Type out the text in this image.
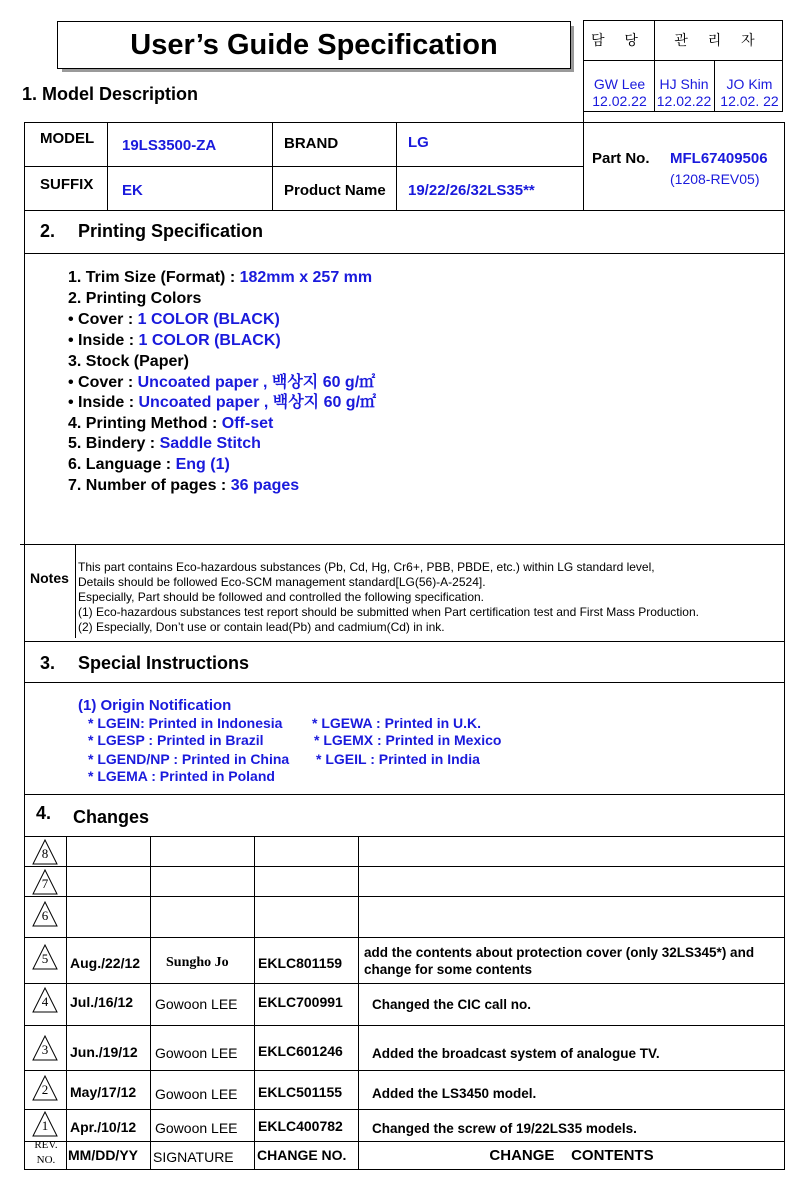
User’s Guide Specification	담 당	관 리 자
GW Lee
12.02.22
HJ Shin
12.02.22
JO Kim
12.02. 22
1. Model Description
MODEL 19LS3500-ZA	BRAND	LG
SUFFIX EK	Product Name 19/22/26/32LS35**
Part No. MFL67409506
(1208-REV05)
2. Printing Specification
1. Trim Size (Format) : 182mm x 257 mm
2. Printing Colors
• Cover : 1 COLOR (BLACK)
• Inside : 1 COLOR (BLACK)
3. Stock (Paper)
• Cover : Uncoated paper , 백상지 60 g/㎡
• Inside : Uncoated paper , 백상지 60 g/㎡
4. Printing Method : Off-set
5. Bindery : Saddle Stitch
6. Language : Eng (1)
7. Number of pages : 36 pages
Notes
This part contains Eco-hazardous substances (Pb, Cd, Hg, Cr6+, PBB, PBDE, etc.) within LG standard level,
Details should be followed Eco-SCM management standard[LG(56)-A-2524].
Especially, Part should be followed and controlled the following specification.
(1) Eco-hazardous substances test report should be submitted when Part certification test and First Mass Production.
(2) Especially, Don’t use or contain lead(Pb) and cadmium(Cd) in ink.
3. Special Instructions
(1) Origin Notification
* LGEIN: Printed in Indonesia
* LGESP : Printed in Brazil
* LGEND/NP : Printed in China
* LGEMA : Printed in Poland
* LGEWA : Printed in U.K.
* LGEMX : Printed in Mexico
* LGEIL : Printed in India
4. Changes
8
7
6
5	Aug./22/12 Sungho Jo EKLC801159
add the contents about protection cover (only 32LS345*) and
change for some contents
4	Jul./16/12 Gowoon LEE EKLC700991 Changed the CIC call no.
3	Jun./19/12 Gowoon LEE EKLC601246 Added the broadcast system of analogue TV.
2	May/17/12 Gowoon LEE EKLC501155 Added the LS3450 model.
1	Apr./10/12 Gowoon LEE EKLC400782 Changed the screw of 19/22LS35 models.
REV.
NO. MM/DD/YY SIGNATURE CHANGE NO.	CHANGE    CONTENTS
